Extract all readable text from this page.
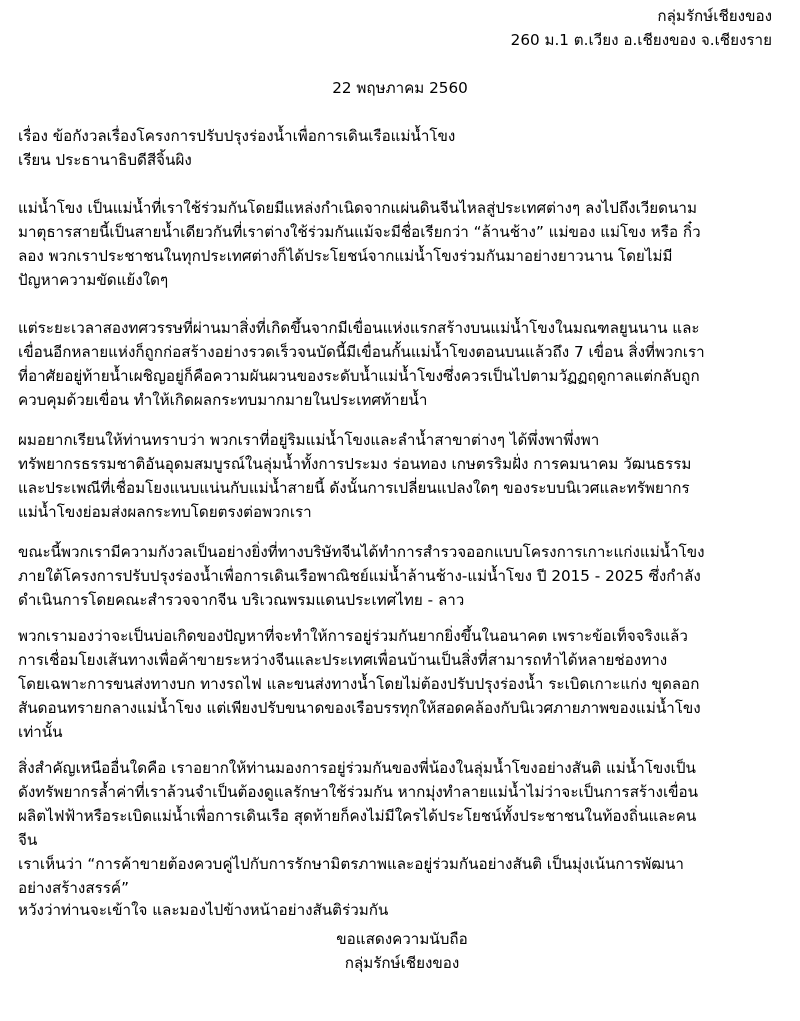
กลุ่มรักษ์เชียงของ
260 ม.1 ต.เวียง อ.เชียงของ จ.เชียงราย
22 พฤษภาคม 2560
เรื่อง ข้อกังวลเรื่องโครงการปรับปรุงร่องน้ำเพื่อการเดินเรือแม่น้ำโขง
เรียน ประธานาธิบดีสีจิ้นผิง
แม่น้ำโขง เป็นแม่น้ำที่เราใช้ร่วมกันโดยมีแหล่งกำเนิดจากแผ่นดินจีนไหลสู่ประเทศต่างๆ ลงไปถึงเวียดนาม
มาตุธารสายนี้เป็นสายน้ำเดียวกันที่เราต่างใช้ร่วมกันแม้จะมีชื่อเรียกว่า “ล้านช้าง” แม่ของ แม่โขง หรือ กิ๋ว
ลอง พวกเราประชาชนในทุกประเทศต่างก็ได้ประโยชน์จากแม่น้ำโขงร่วมกันมาอย่างยาวนาน โดยไม่มี
ปัญหาความขัดแย้งใดๆ
แต่ระยะเวลาสองทศวรรษที่ผ่านมาสิ่งที่เกิดขึ้นจากมีเขื่อนแห่งแรกสร้างบนแม่น้ำโขงในมณฑลยูนนาน และ
เขื่อนอีกหลายแห่งก็ถูกก่อสร้างอย่างรวดเร็วจนบัดนี้มีเขื่อนกั้นแม่น้ำโขงตอนบนแล้วถึง 7 เขื่อน สิ่งที่พวกเรา
ที่อาศัยอยู่ท้ายน้ำเผชิญอยู่ก็คือความผันผวนของระดับน้ำแม่น้ำโขงซึ่งควรเป็นไปตามวัฏฏฤดูกาลแต่กลับถูก
ควบคุมด้วยเขื่อน ทำให้เกิดผลกระทบมากมายในประเทศท้ายน้ำ
ผมอยากเรียนให้ท่านทราบว่า พวกเราที่อยู่ริมแม่น้ำโขงและลำน้ำสาขาต่างๆ ได้พึ่งพาพึ่งพา
ทรัพยากรธรรมชาติอันอุดมสมบูรณ์ในลุ่มน้ำทั้งการประมง ร่อนทอง เกษตรริมฝั่ง การคมนาคม วัฒนธรรม
และประเพณีที่เชื่อมโยงแนบแน่นกับแม่น้ำสายนี้ ดังนั้นการเปลี่ยนแปลงใดๆ ของระบบนิเวศและทรัพยากร
แม่น้ำโขงย่อมส่งผลกระทบโดยตรงต่อพวกเรา
ขณะนี้พวกเรามีความกังวลเป็นอย่างยิ่งที่ทางบริษัทจีนได้ทำการสำรวจออกแบบโครงการเกาะแก่งแม่น้ำโขง
ภายใต้โครงการปรับปรุงร่องน้ำเพื่อการเดินเรือพาณิชย์แม่น้ำล้านช้าง-แม่น้ำโขง ปี 2015 - 2025 ซึ่งกำลัง
ดำเนินการโดยคณะสำรวจจากจีน บริเวณพรมแดนประเทศไทย - ลาว
พวกเรามองว่าจะเป็นบ่อเกิดของปัญหาที่จะทำให้การอยู่ร่วมกันยากยิ่งขึ้นในอนาคต เพราะข้อเท็จจริงแล้ว
การเชื่อมโยงเส้นทางเพื่อค้าขายระหว่างจีนและประเทศเพื่อนบ้านเป็นสิ่งที่สามารถทำได้หลายช่องทาง
โดยเฉพาะการขนส่งทางบก ทางรถไฟ และขนส่งทางน้ำโดยไม่ต้องปรับปรุงร่องน้ำ ระเบิดเกาะแก่ง ขุดลอก
สันดอนทรายกลางแม่น้ำโขง แต่เพียงปรับขนาดของเรือบรรทุกให้สอดคล้องกับนิเวศภายภาพของแม่น้ำโขง
เท่านั้น
สิ่งสำคัญเหนืออื่นใดคือ เราอยากให้ท่านมองการอยู่ร่วมกันของพี่น้องในลุ่มน้ำโขงอย่างสันติ แม่น้ำโขงเป็น
ดังทรัพยากรล้ำค่าที่เราล้วนจำเป็นต้องดูแลรักษาใช้ร่วมกัน หากมุ่งทำลายแม่น้ำไม่ว่าจะเป็นการสร้างเขื่อน
ผลิตไฟฟ้าหรือระเบิดแม่น้ำเพื่อการเดินเรือ สุดท้ายก็คงไม่มีใครได้ประโยชน์ทั้งประชาชนในท้องถิ่นและคน
จีน
เราเห็นว่า “การค้าขายต้องควบคู่ไปกับการรักษามิตรภาพและอยู่ร่วมกันอย่างสันติ เป็นมุ่งเน้นการพัฒนา
อย่างสร้างสรรค์”
หวังว่าท่านจะเข้าใจ และมองไปข้างหน้าอย่างสันติร่วมกัน
ขอแสดงความนับถือ
กลุ่มรักษ์เชียงของ
